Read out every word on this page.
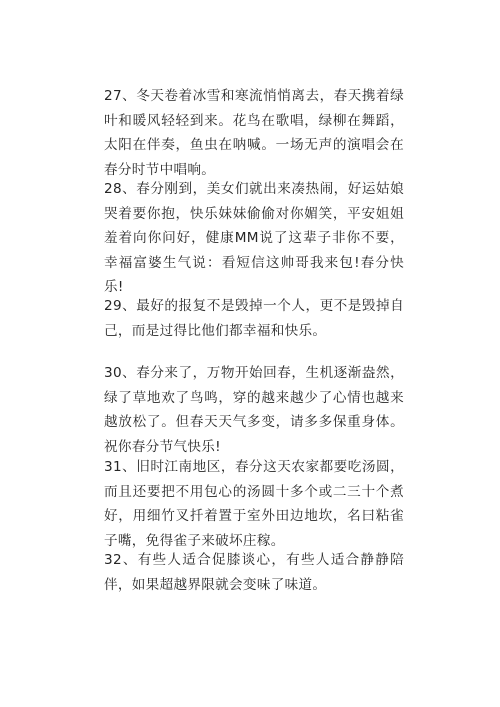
27、冬天卷着冰雪和寒流悄悄离去，春天携着绿叶和暖风轻轻到来。花鸟在歌唱，绿柳在舞蹈，太阳在伴奏，鱼虫在呐喊。一场无声的演唱会在春分时节中唱响。
28、春分刚到，美女们就出来凑热闹，好运姑娘哭着要你抱，快乐妹妹偷偷对你媚笑，平安姐姐羞着向你问好，健康MM说了这辈子非你不要，幸福富婆生气说：看短信这帅哥我来包!春分快乐!
29、最好的报复不是毁掉一个人，更不是毁掉自己，而是过得比他们都幸福和快乐。
30、春分来了，万物开始回春，生机逐渐盎然，绿了草地欢了鸟鸣，穿的越来越少了心情也越来越放松了。但春天天气多变，请多多保重身体。祝你春分节气快乐!
31、旧时江南地区，春分这天农家都要吃汤圆，而且还要把不用包心的汤圆十多个或二三十个煮好，用细竹叉扦着置于室外田边地坎，名曰粘雀子嘴，免得雀子来破坏庄稼。
32、有些人适合促膝谈心，有些人适合静静陪伴，如果超越界限就会变味了味道。
